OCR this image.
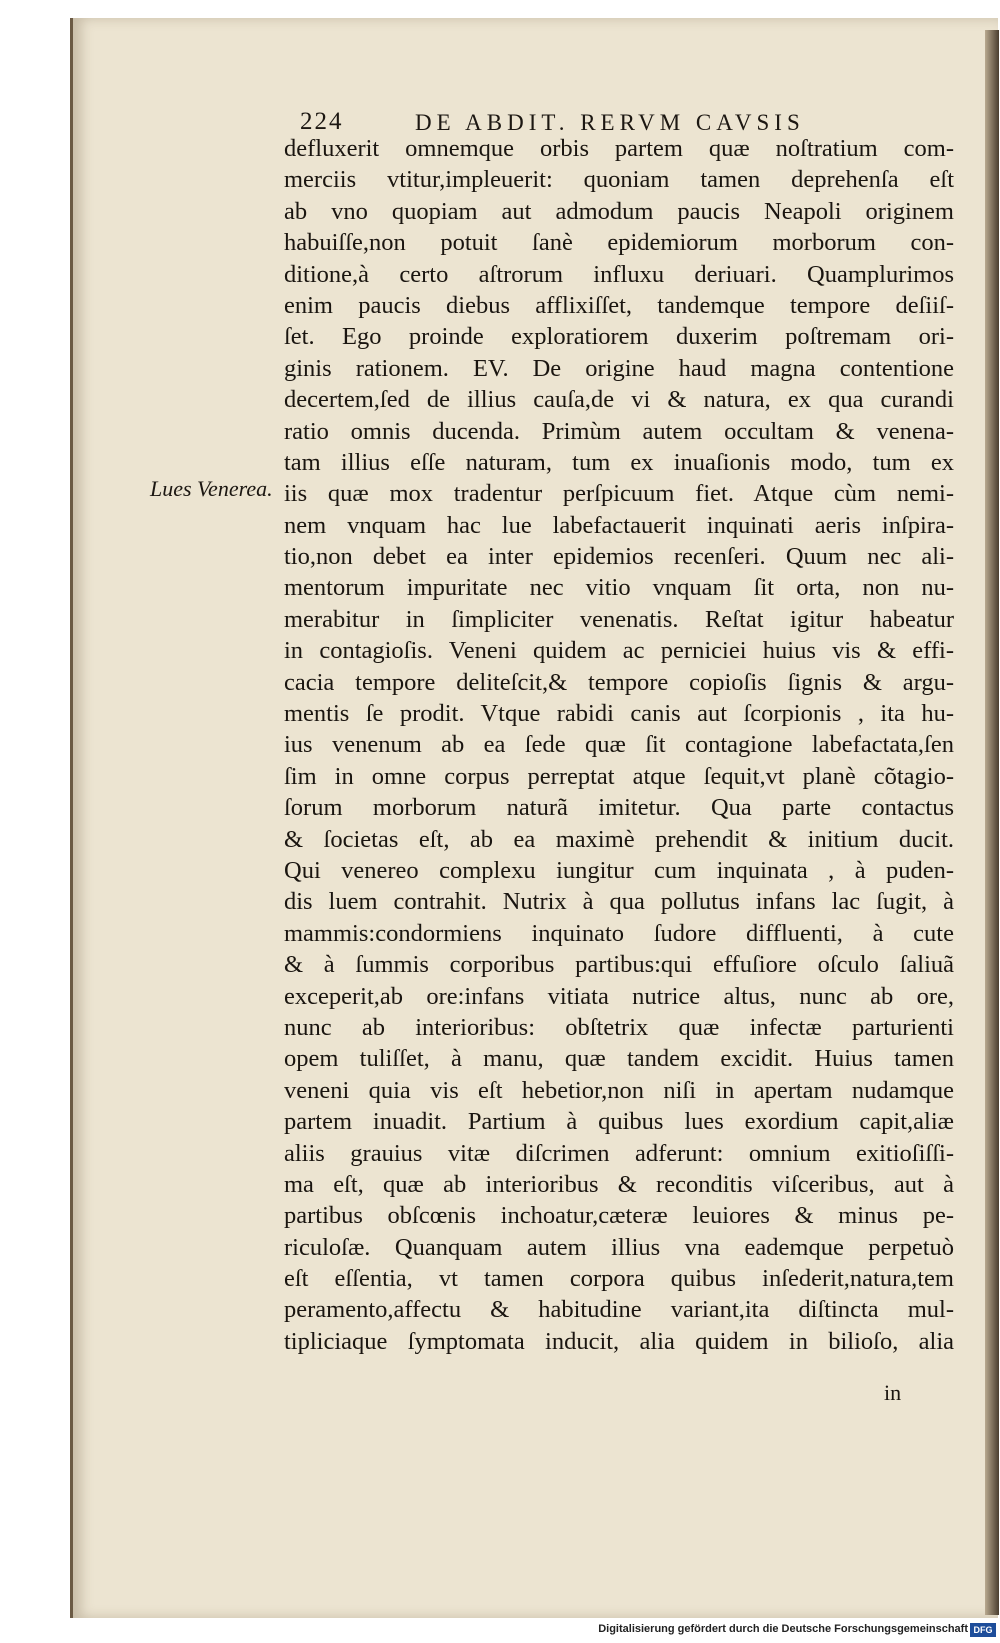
224	DE ABDIT. RERVM CAVSIS
Lues Venerea.
defluxerit omnemque orbis partem quæ noſtratium com-
merciis vtitur,impleuerit: quoniam tamen deprehenſa eſt
ab vno quopiam aut admodum paucis Neapoli originem
habuiſſe,non potuit ſanè epidemiorum morborum con-
ditione,à certo aſtrorum influxu deriuari. Quamplurimos
enim paucis diebus afflixiſſet, tandemque tempore deſiiſ-
ſet. Ego proinde exploratiorem duxerim poſtremam ori-
ginis rationem. EV. De origine haud magna contentione
decertem,ſed de illius cauſa,de vi & natura, ex qua curandi
ratio omnis ducenda. Primùm autem occultam & venena-
tam illius eſſe naturam, tum ex inuaſionis modo, tum ex
iis quæ mox tradentur perſpicuum fiet. Atque cùm nemi-
nem vnquam hac lue labefactauerit inquinati aeris inſpira-
tio,non debet ea inter epidemios recenſeri. Quum nec ali-
mentorum impuritate nec vitio vnquam ſit orta, non nu-
merabitur in ſimpliciter venenatis. Reſtat igitur habeatur
in contagioſis. Veneni quidem ac perniciei huius vis & effi-
cacia tempore deliteſcit,& tempore copioſis ſignis & argu-
mentis ſe prodit. Vtque rabidi canis aut ſcorpionis , ita hu-
ius venenum ab ea ſede quæ ſit contagione labefactata,ſen
ſim in omne corpus perreptat atque ſequit,vt planè cõtagio-
ſorum morborum naturã imitetur. Qua parte contactus
& ſocietas eſt, ab ea maximè prehendit & initium ducit.
Qui venereo complexu iungitur cum inquinata , à puden-
dis luem contrahit. Nutrix à qua pollutus infans lac ſugit, à
mammis:condormiens inquinato ſudore diffluenti, à cute
& à ſummis corporibus partibus:qui effuſiore oſculo ſaliuã
exceperit,ab ore:infans vitiata nutrice altus, nunc ab ore,
nunc ab interioribus: obſtetrix quæ infectæ parturienti
opem tuliſſet, à manu, quæ tandem excidit. Huius tamen
veneni quia vis eſt hebetior,non niſi in apertam nudamque
partem inuadit. Partium à quibus lues exordium capit,aliæ
aliis grauius vitæ diſcrimen adferunt: omnium exitioſiſſi-
ma eſt, quæ ab interioribus & reconditis viſceribus, aut à
partibus obſcœnis inchoatur,cæteræ leuiores & minus pe-
riculoſæ. Quanquam autem illius vna eademque perpetuò
eſt eſſentia, vt tamen corpora quibus inſederit,natura,tem
peramento,affectu & habitudine variant,ita diſtincta mul-
tipliciaque ſymptomata inducit, alia quidem in bilioſo, alia
in
Digitalisierung gefördert durch die Deutsche Forschungsgemeinschaft DFG
